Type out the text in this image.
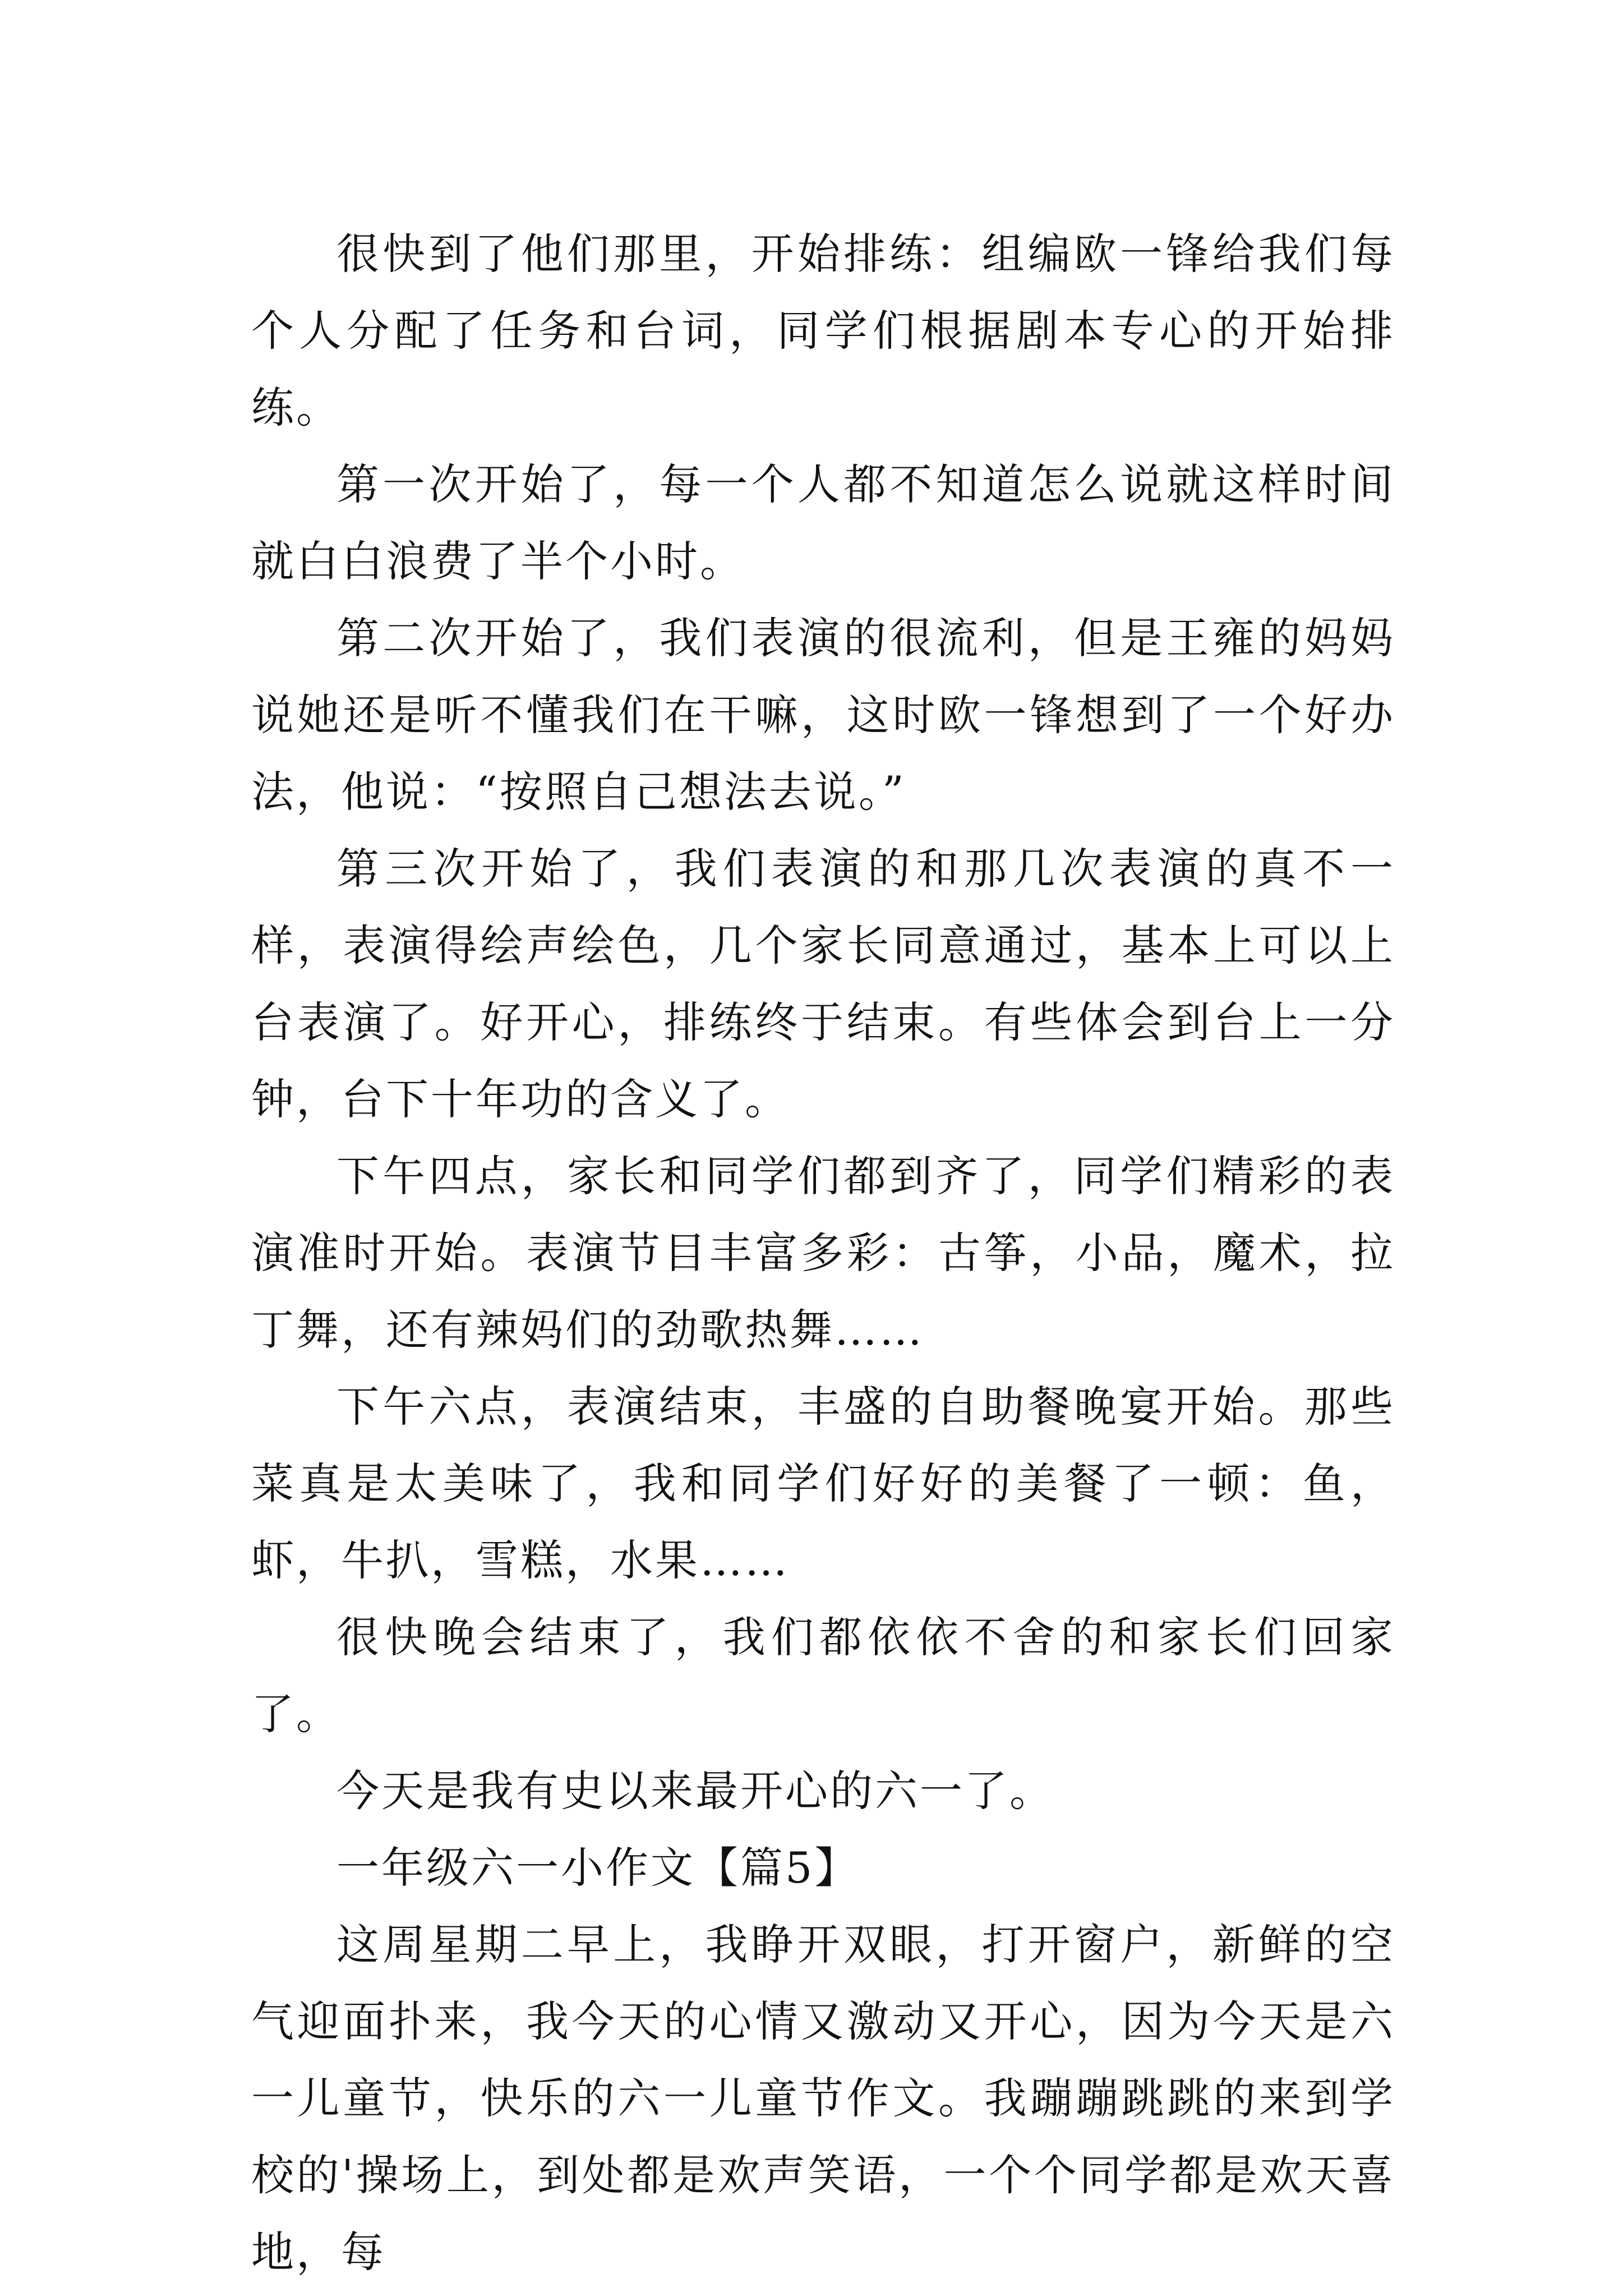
很快到了他们那里，开始排练：组编欧一锋给我们每个人分配了任务和台词，同学们根据剧本专心的开始排练。

第一次开始了，每一个人都不知道怎么说就这样时间就白白浪费了半个小时。

第二次开始了，我们表演的很流利，但是王雍的妈妈说她还是听不懂我们在干嘛，这时欧一锋想到了一个好办法，他说：“按照自己想法去说。”

第三次开始了，我们表演的和那几次表演的真不一样，表演得绘声绘色，几个家长同意通过，基本上可以上台表演了。好开心，排练终于结束。有些体会到台上一分钟，台下十年功的含义了。

下午四点，家长和同学们都到齐了，同学们精彩的表演准时开始。表演节目丰富多彩：古筝，小品，魔术，拉丁舞，还有辣妈们的劲歌热舞……

下午六点，表演结束，丰盛的自助餐晚宴开始。那些菜真是太美味了，我和同学们好好的美餐了一顿：鱼，虾，牛扒，雪糕，水果……

很快晚会结束了，我们都依依不舍的和家长们回家了。

今天是我有史以来最开心的六一了。

一年级六一小作文【篇5】

这周星期二早上，我睁开双眼，打开窗户，新鲜的空气迎面扑来，我今天的心情又激动又开心，因为今天是六一儿童节，快乐的六一儿童节作文。我蹦蹦跳跳的来到学校的'操场上，到处都是欢声笑语，一个个同学都是欢天喜地，每
